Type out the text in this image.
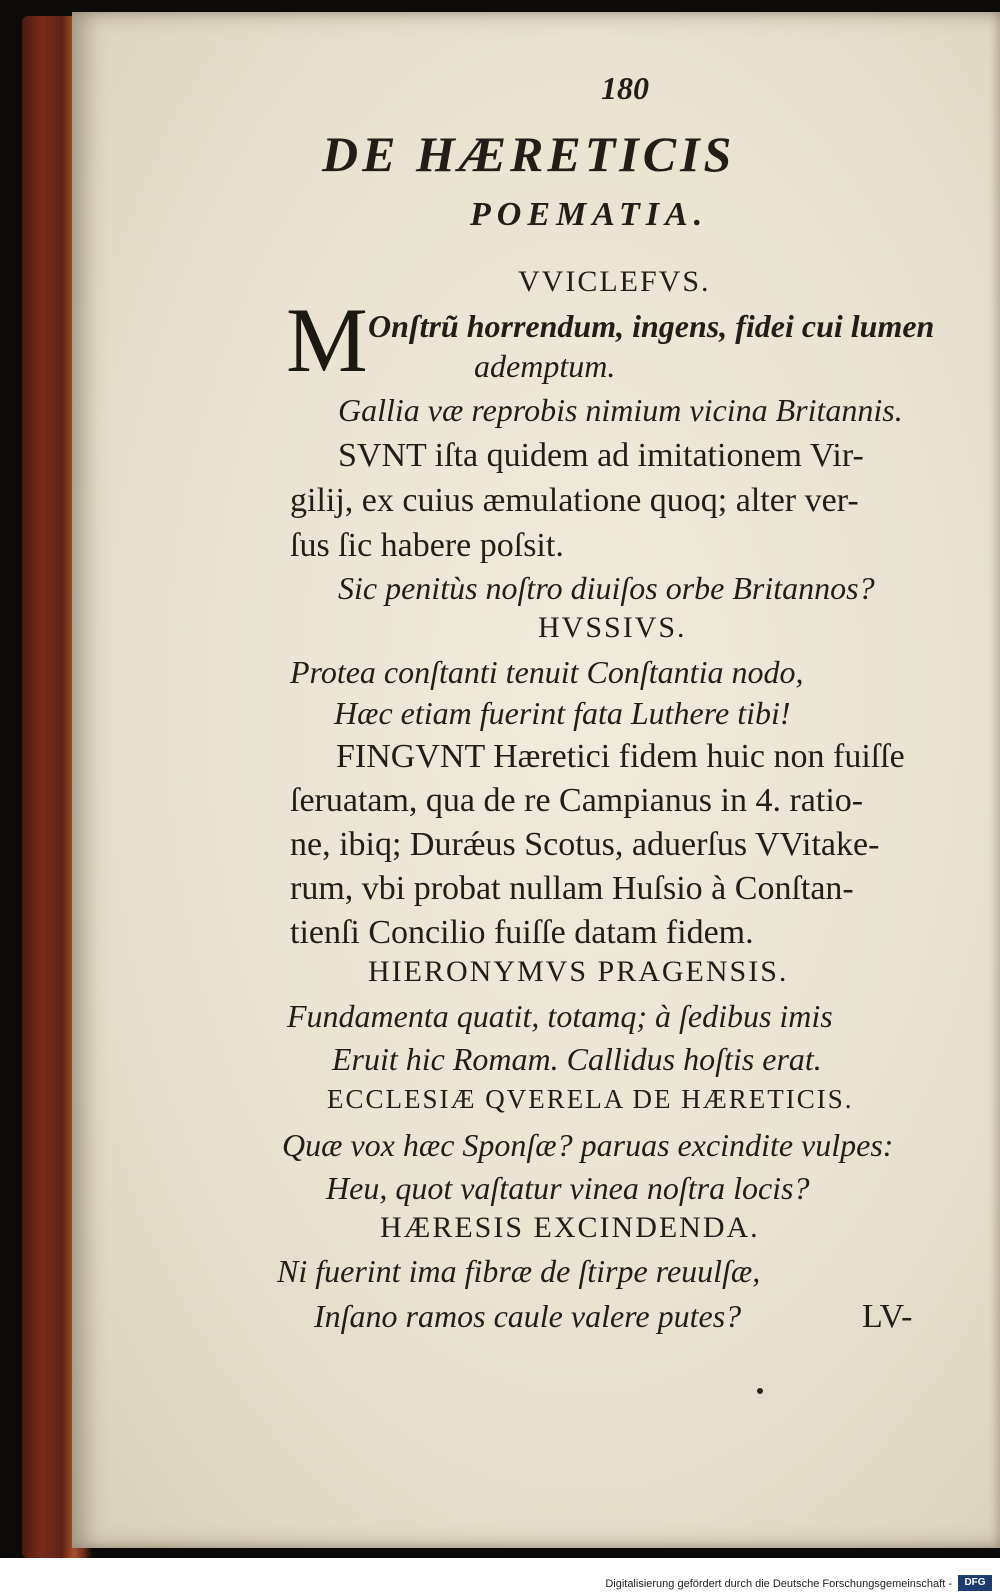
180
DE HÆRETICIS
POEMATIA.
VVICLEFVS.
M Onſtrũ horrendum, ingens, fidei cui lumen
ademptum.
Gallia væ reprobis nimium vicina Britannis.
SVNT iſta quidem ad imitationem Vir-
gilij, ex cuius æmulatione quoq; alter ver-
ſus ſic habere poſsit.
Sic penitùs noſtro diuiſos orbe Britannos?
HVSSIVS.
Protea conſtanti tenuit Conſtantia nodo,
Hæc etiam fuerint fata Luthere tibi!
FINGVNT Hæretici fidem huic non fuiſſe
ſeruatam, qua de re Campianus in 4. ratio-
ne, ibiq; Durǽus Scotus, aduerſus VVitake-
rum, vbi probat nullam Huſsio à Conſtan-
tienſi Concilio fuiſſe datam fidem.
HIERONYMVS PRAGENSIS.
Fundamenta quatit, totamq; à ſedibus imis
Eruit hic Romam. Callidus hoſtis erat.
ECCLESIÆ QVERELA DE HÆRETICIS.
Quæ vox hæc Sponſæ? paruas excindite vulpes:
Heu, quot vaſtatur vinea noſtra locis?
HÆRESIS EXCINDENDA.
Ni fuerint ima fibræ de ſtirpe reuulſæ,
Inſano ramos caule valere putes?	LV-
Digitalisierung gefördert durch die Deutsche Forschungsgemeinschaft -	DFG
